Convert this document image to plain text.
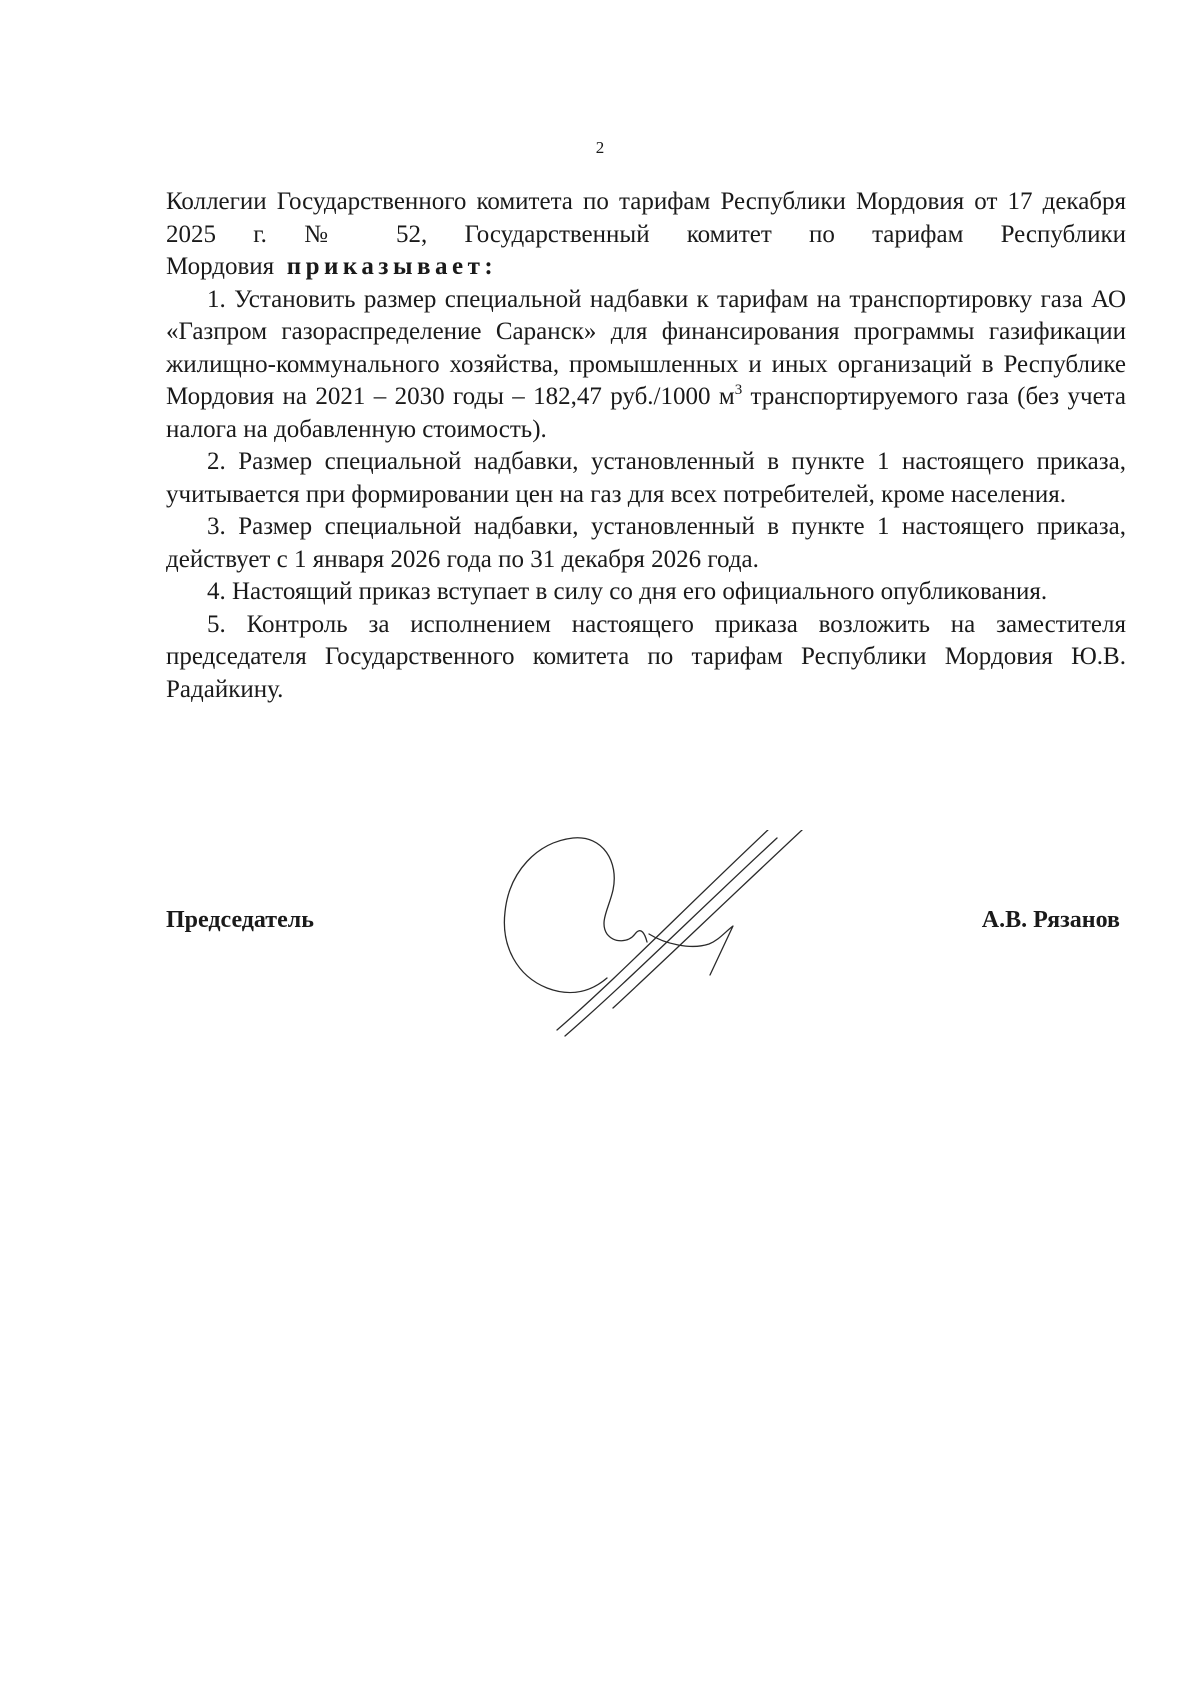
2

Коллегии Государственного комитета по тарифам Республики Мордовия от 17 декабря 2025 г. № 52, Государственный комитет по тарифам Республики Мордовия приказывает:

1. Установить размер специальной надбавки к тарифам на транспортировку газа АО «Газпром газораспределение Саранск» для финансирования программы газификации жилищно-коммунального хозяйства, промышленных и иных организаций в Республике Мордовия на 2021 – 2030 годы – 182,47 руб./1000 $м^3$ транспортируемого газа (без учета налога на добавленную стоимость).

2. Размер специальной надбавки, установленный в пункте 1 настоящего приказа, учитывается при формировании цен на газ для всех потребителей, кроме населения.

3. Размер специальной надбавки, установленный в пункте 1 настоящего приказа, действует с 1 января 2026 года по 31 декабря 2026 года.

4. Настоящий приказ вступает в силу со дня его официального опубликования.

5. Контроль за исполнением настоящего приказа возложить на заместителя председателя Государственного комитета по тарифам Республики Мордовия Ю.В. Радайкину.

Председатель	А.В. Рязанов
